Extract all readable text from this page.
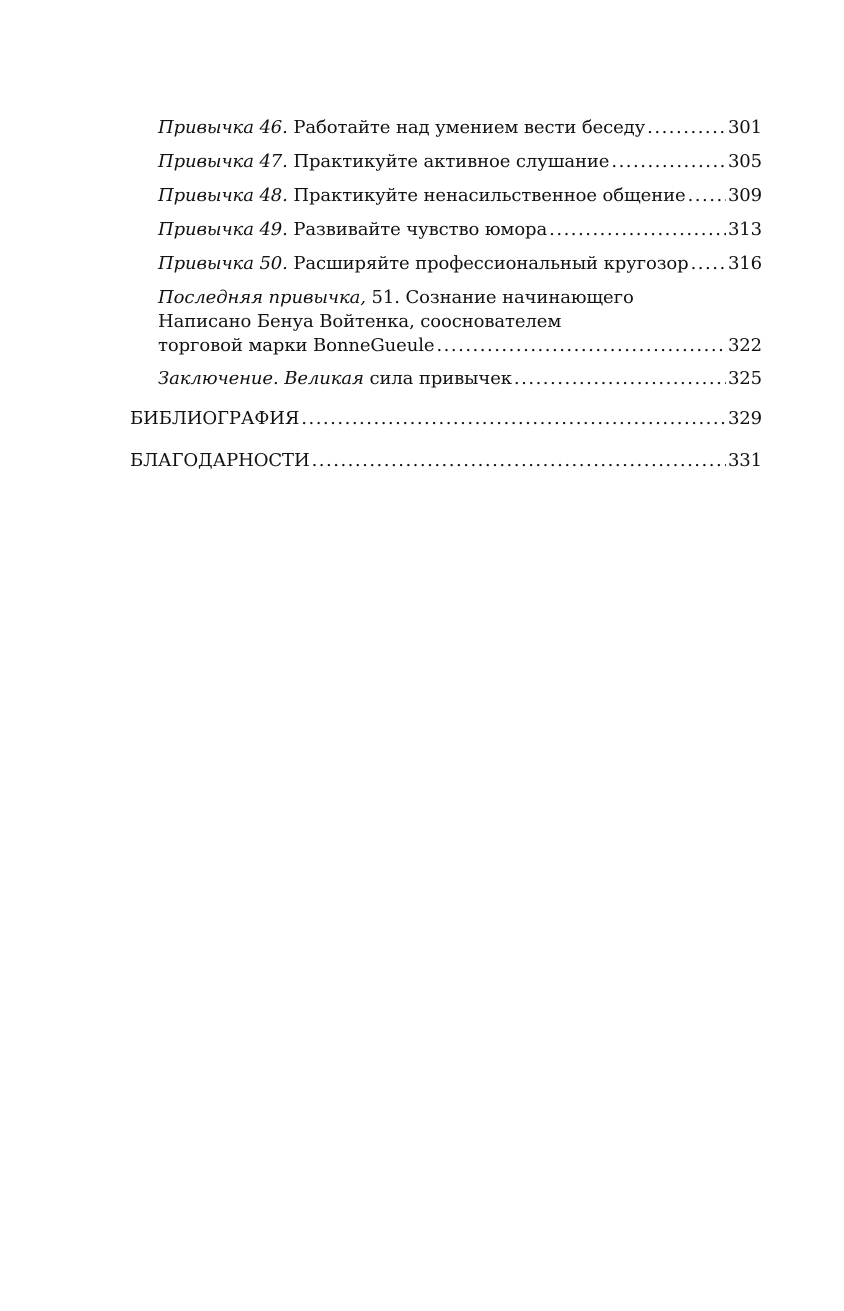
Привычка 46. Работайте над умением вести беседу .....	301
Привычка 47. Практикуйте активное слушание .....	305
Привычка 48. Практикуйте ненасильственное общение ..... 309
Привычка 49. Развивайте чувство юмора .....	313
Привычка 50. Расширяйте профессиональный кругозор ..... 316
Последняя привычка, 51. Сознание начинающего
Написано Бенуа Войтенка, сооснователем
торговой марки BonneGueule .....	322
Заключение. Великая сила привычек .....	325
БИБЛИОГРАФИЯ .....	329
БЛАГОДАРНОСТИ .....	331
